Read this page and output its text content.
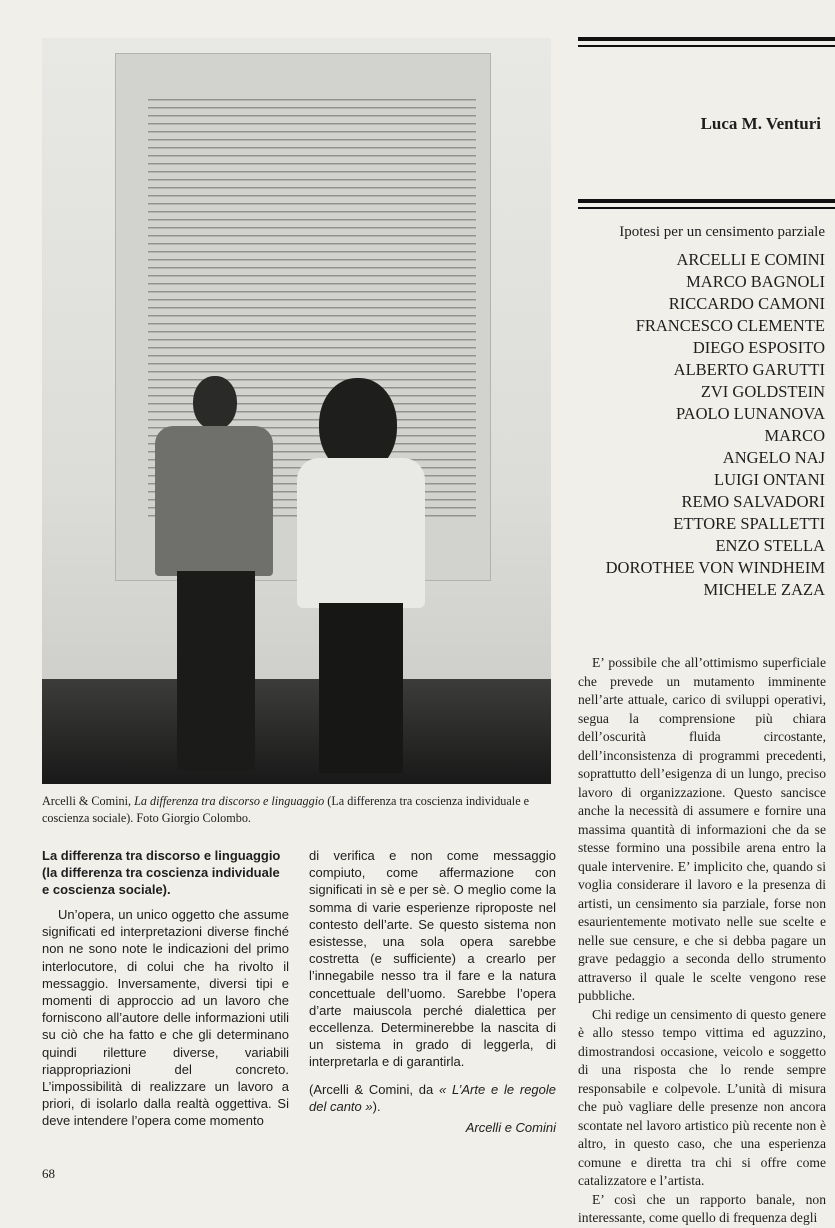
Arcelli & Comini, La differenza tra discorso e linguaggio (La differenza tra coscienza individuale e coscienza sociale). Foto Giorgio Colombo.
La differenza tra discorso e linguaggio (la differenza tra coscienza individuale e coscienza sociale).

Un’opera, un unico oggetto che assume significati ed interpretazioni diverse finché non ne sono note le indicazioni del primo interlocutore, di colui che ha rivolto il messaggio. Inversamente, diversi tipi e momenti di approccio ad un lavoro che forniscono all’autore delle informazioni utili su ciò che ha fatto e che gli determinano quindi riletture diverse, variabili riappropriazioni del concreto. L’impossibilità di realizzare un lavoro a priori, di isolarlo dalla realtà oggettiva. Si deve intendere l’opera come momento

di verifica e non come messaggio compiuto, come affermazione con significati in sè e per sè. O meglio come la somma di varie esperienze riproposte nel contesto dell’arte. Se questo sistema non esistesse, una sola opera sarebbe costretta (e sufficiente) a crearlo per l’innegabile nesso tra il fare e la natura concettuale dell’uomo. Sarebbe l’opera d’arte maiuscola perché dialettica per eccellenza. Determinerebbe la nascita di un sistema in grado di leggerla, di interpretarla e di garantirla.

(Arcelli & Comini, da « L’Arte e le regole del canto »).

Arcelli e Comini
Luca M. Venturi
Ipotesi per un censimento parziale
ARCELLI E COMINI
MARCO BAGNOLI
RICCARDO CAMONI
FRANCESCO CLEMENTE
DIEGO ESPOSITO
ALBERTO GARUTTI
ZVI GOLDSTEIN
PAOLO LUNANOVA
MARCO
ANGELO NAJ
LUIGI ONTANI
REMO SALVADORI
ETTORE SPALLETTI
ENZO STELLA
DOROTHEE VON WINDHEIM
MICHELE ZAZA

E’ possibile che all’ottimismo superficiale che prevede un mutamento imminente nell’arte attuale, carico di sviluppi operativi, segua la comprensione più chiara dell’oscurità fluida circostante, dell’inconsistenza di programmi precedenti, soprattutto dell’esigenza di un lungo, preciso lavoro di organizzazione. Questo sancisce anche la necessità di assumere e fornire una massima quantità di informazioni che da se stesse formino una possibile arena entro la quale intervenire. E’ implicito che, quando si voglia considerare il lavoro e la presenza di artisti, un censimento sia parziale, forse non esaurientemente motivato nelle sue scelte e nelle sue censure, e che si debba pagare un grave pedaggio a seconda dello strumento attraverso il quale le scelte vengono rese pubbliche.

Chi redige un censimento di questo genere è allo stesso tempo vittima ed aguzzino, dimostrandosi occasione, veicolo e soggetto di una risposta che lo rende sempre responsabile e colpevole. L’unità di misura che può vagliare delle presenze non ancora scontate nel lavoro artistico più recente non è altro, in questo caso, che una esperienza comune e diretta tra chi si offre come catalizzatore e l’artista.

E’ così che un rapporto banale, non interessante, come quello di frequenza degli

68
